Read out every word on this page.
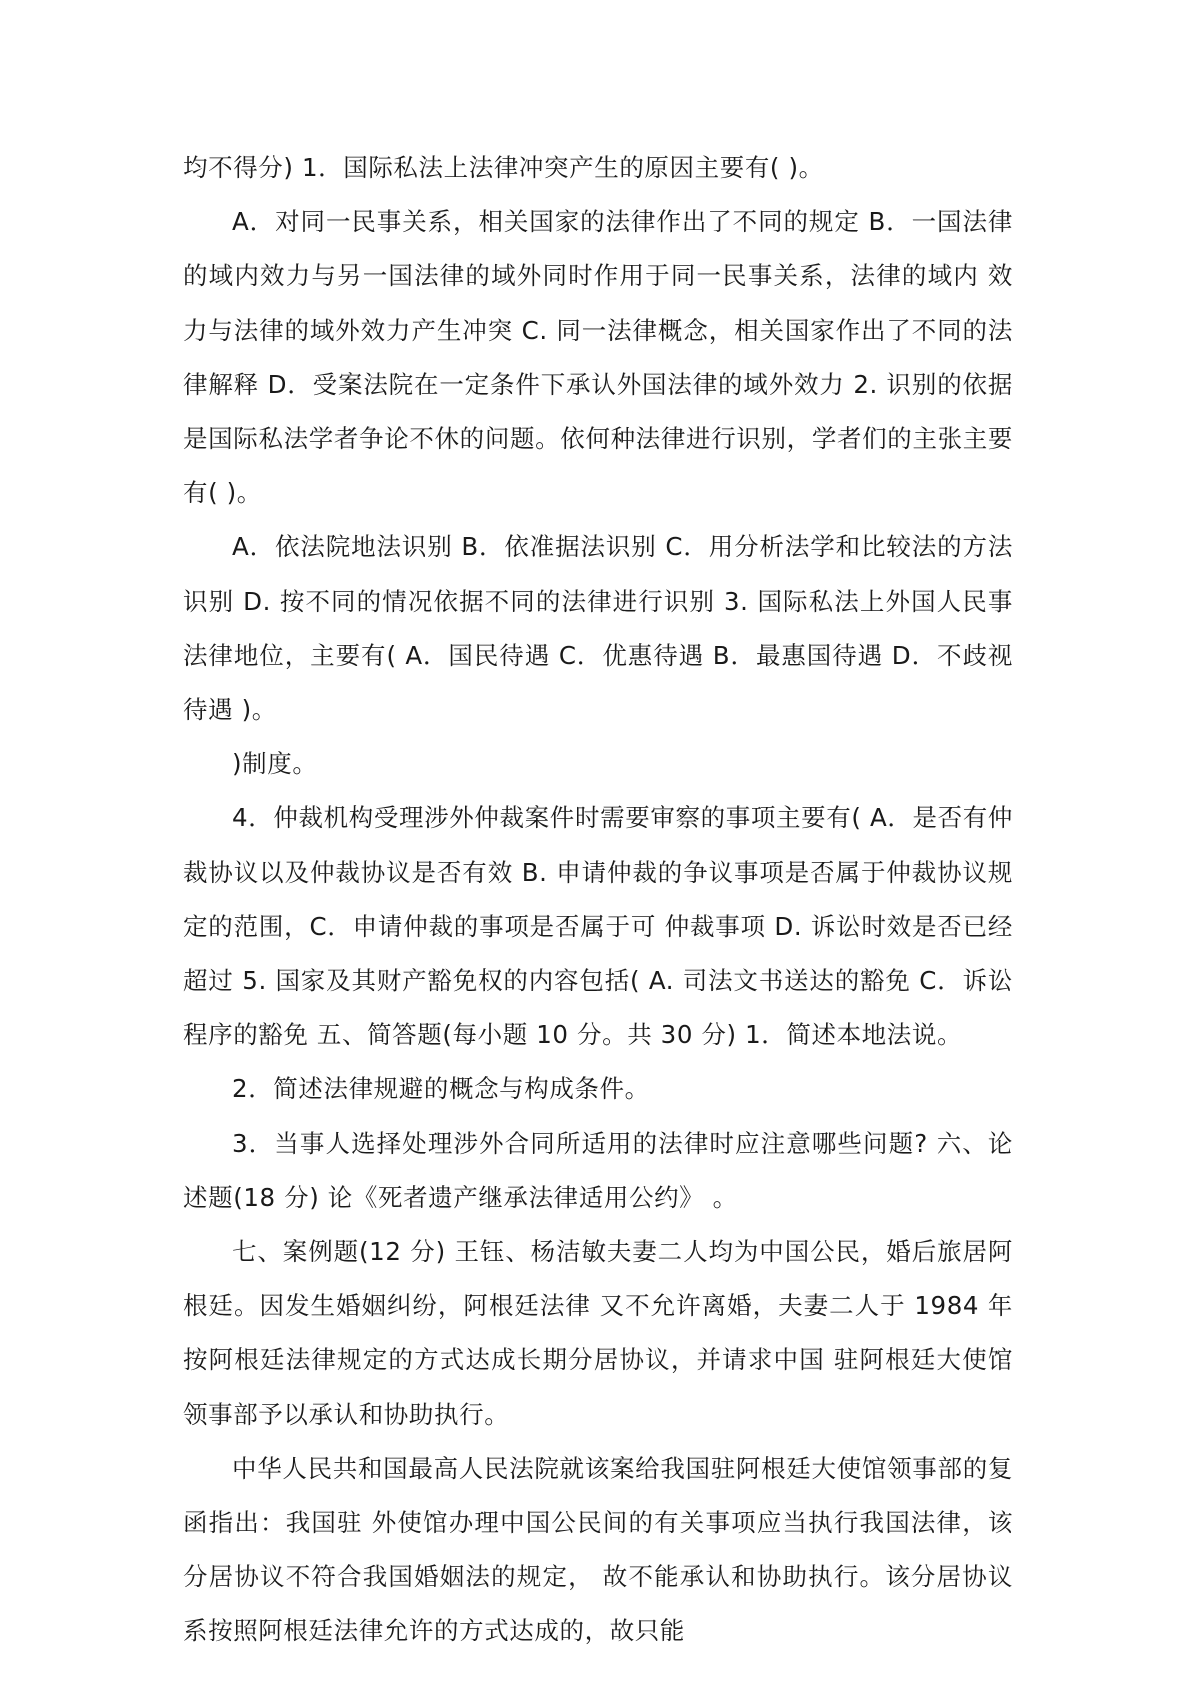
均不得分) 1．国际私法上法律冲突产生的原因主要有( )。

A．对同一民事关系，相关国家的法律作出了不同的规定 B．一国法律的域内效力与另一国法律的域外同时作用于同一民事关系，法律的域内 效 力与法律的域外效力产生冲突 C. 同一法律概念，相关国家作出了不同的法律解释 D．受案法院在一定条件下承认外国法律的域外效力 2. 识别的依据是国际私法学者争论不休的问题。依何种法律进行识别，学者们的主张主要 有( )。

A．依法院地法识别 B．依准据法识别 C．用分析法学和比较法的方法识别 D. 按不同的情况依据不同的法律进行识别 3. 国际私法上外国人民事法律地位，主要有( A．国民待遇 C．优惠待遇 B．最惠国待遇 D．不歧视待遇 )。

)制度。

4．仲裁机构受理涉外仲裁案件时需要审察的事项主要有( A．是否有仲裁协议以及仲裁协议是否有效 B. 申请仲裁的争议事项是否属于仲裁协议规定的范围，C．申请仲裁的事项是否属于可 仲裁事项 D. 诉讼时效是否已经超过 5. 国家及其财产豁免权的内容包括( A. 司法文书送达的豁免 C．诉讼程序的豁免 五、简答题(每小题 10 分。共 30 分) 1．简述本地法说。

2．简述法律规避的概念与构成条件。

3．当事人选择处理涉外合同所适用的法律时应注意哪些问题? 六、论述题(18 分) 论《死者遗产继承法律适用公约》 。

七、案例题(12 分) 王钰、杨洁敏夫妻二人均为中国公民，婚后旅居阿根廷。因发生婚姻纠纷，阿根廷法律 又不允许离婚，夫妻二人于 1984 年按阿根廷法律规定的方式达成长期分居协议，并请求中国 驻阿根廷大使馆领事部予以承认和协助执行。

中华人民共和国最高人民法院就该案给我国驻阿根廷大使馆领事部的复函指出：我国驻 外使馆办理中国公民间的有关事项应当执行我国法律，该分居协议不符合我国婚姻法的规定， 故不能承认和协助执行。该分居协议系按照阿根廷法律允许的方式达成的，故只能
